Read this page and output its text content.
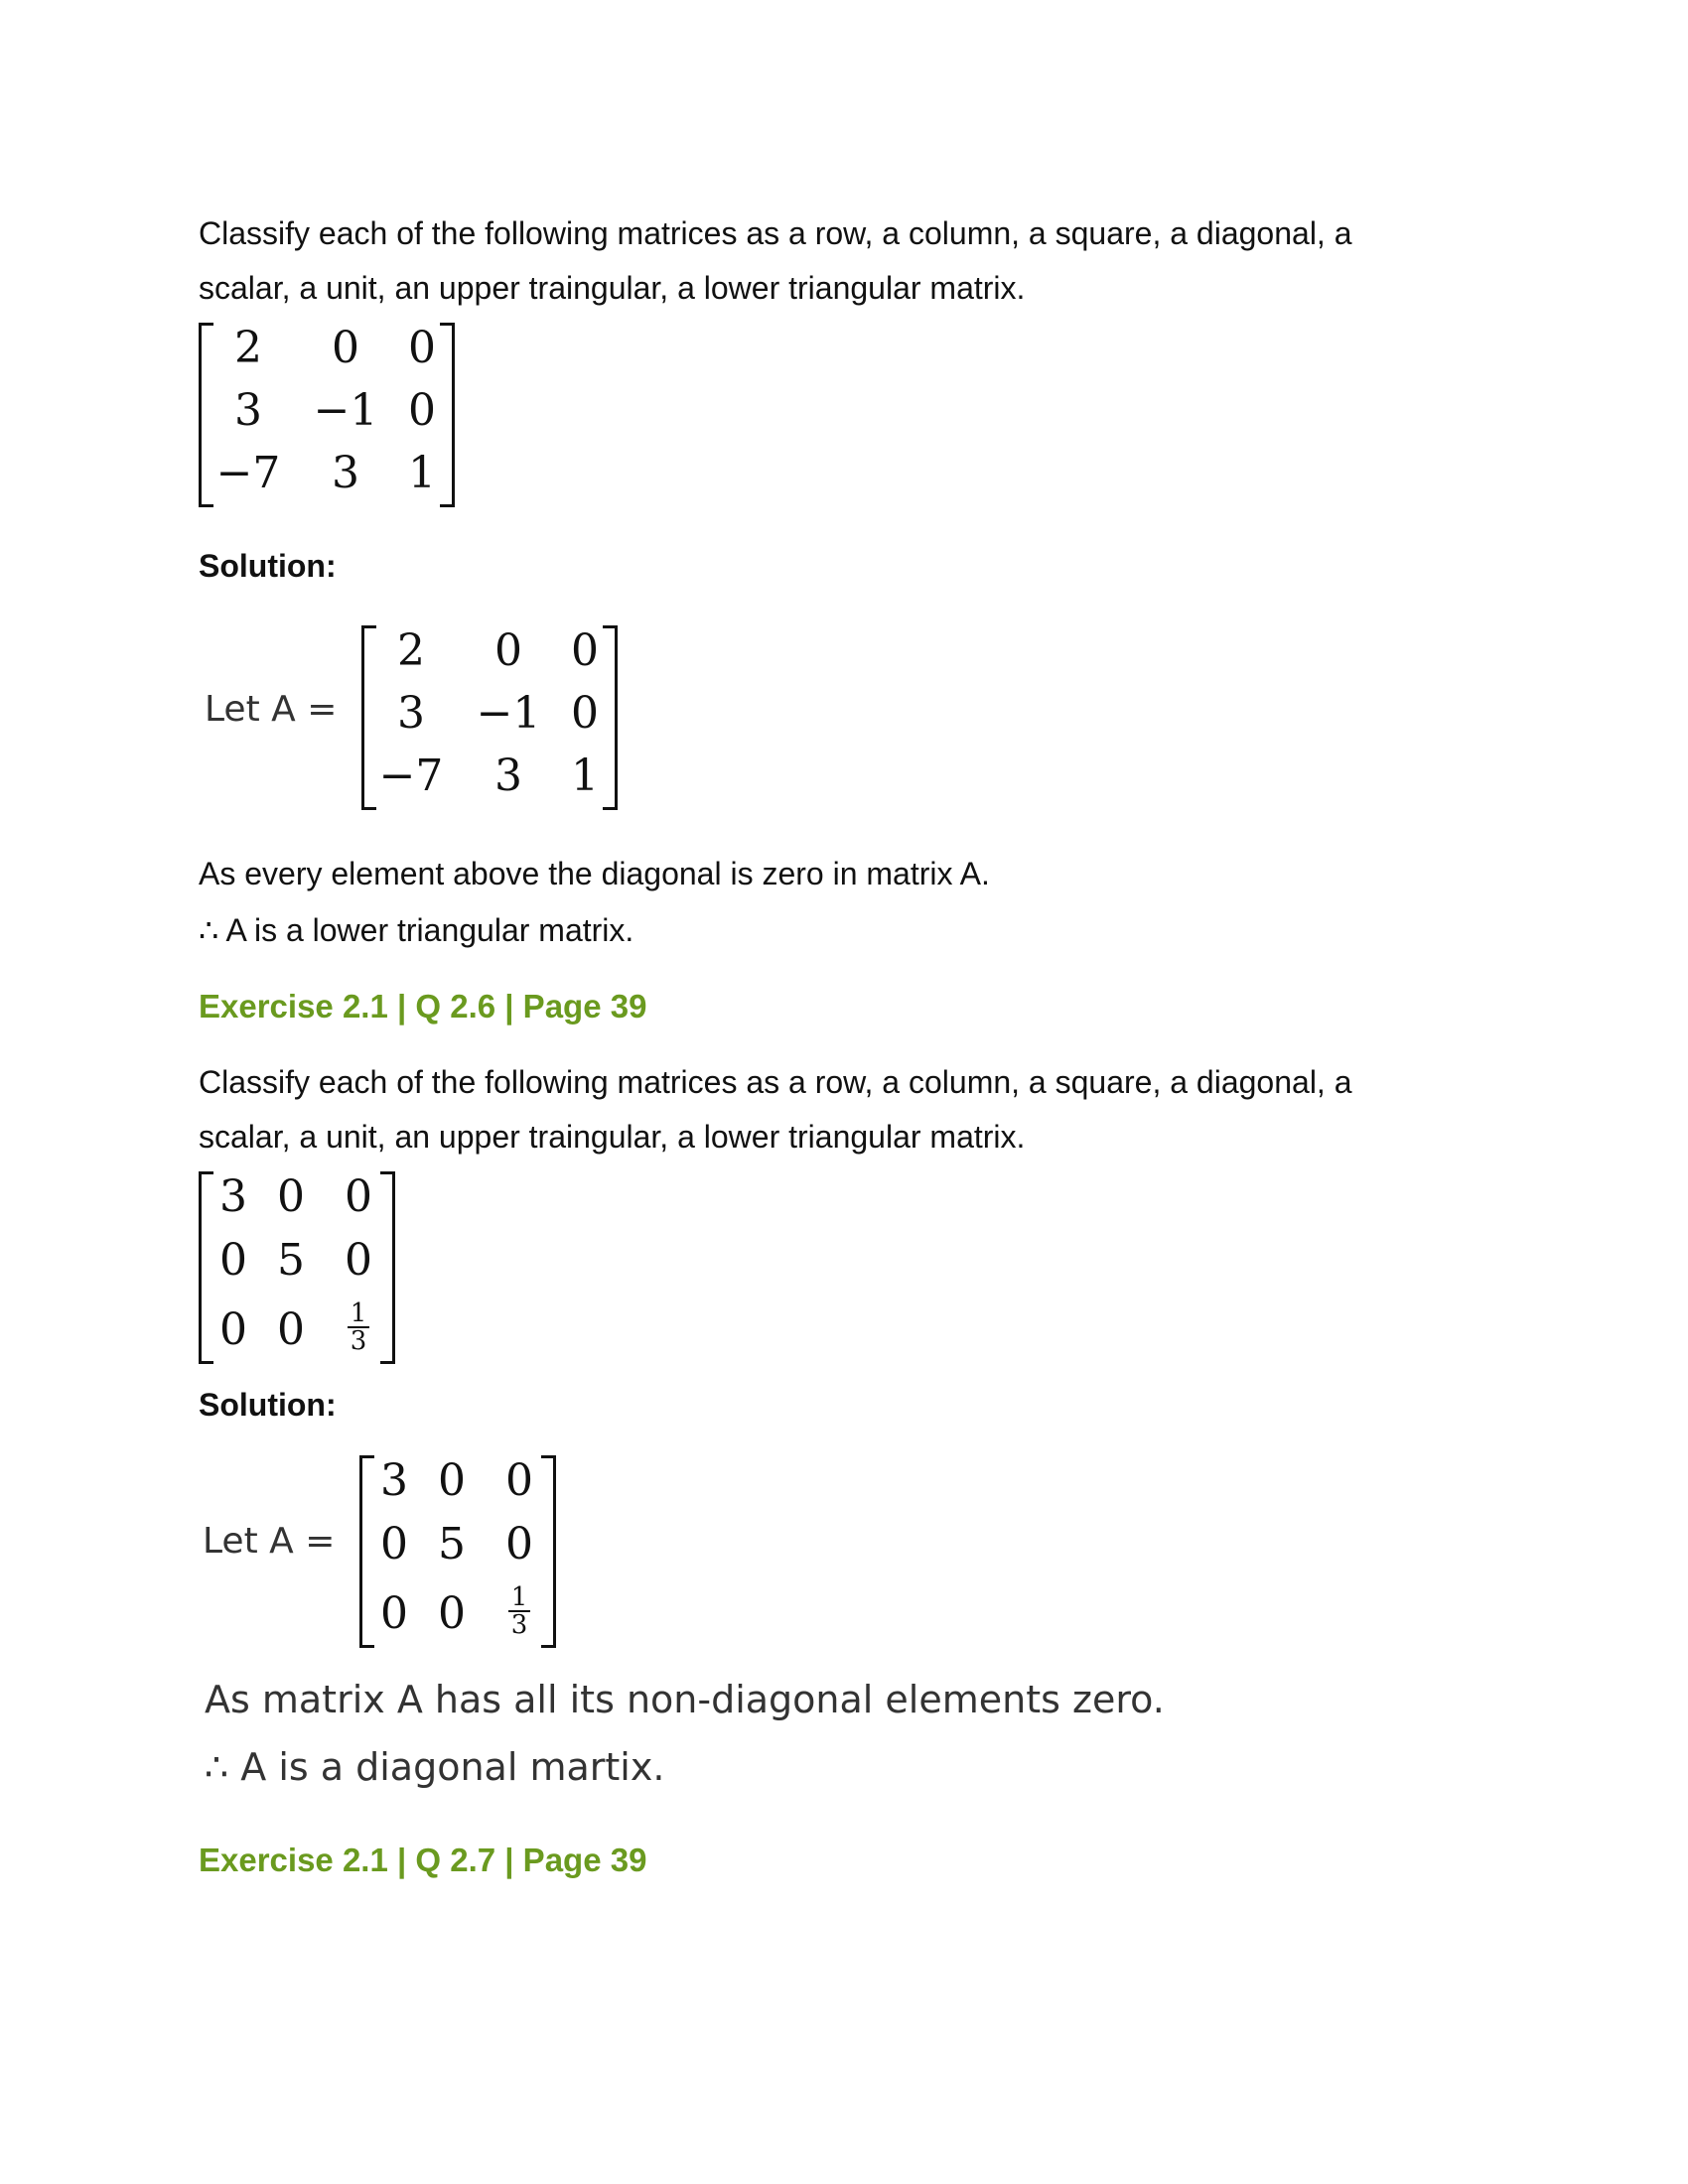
Classify each of the following matrices as a row, a column, a square, a diagonal, a
scalar, a unit, an upper traingular, a lower triangular matrix.

2	0	0
3	−1 0
−7	3	1
Solution:
Let A =
2	0	0
3	−1 0
−7	3	1
As every element above the diagonal is zero in matrix A.
∴ A is a lower triangular matrix.
Exercise 2.1 | Q 2.6 | Page 39

Classify each of the following matrices as a row, a column, a square, a diagonal, a
scalar, a unit, an upper traingular, a lower triangular matrix.

3 0 0
0 5 0
0 0	$\frac{1}{3}$
Solution:
Let A =
3 0 0
0 5 0
0 0	$\frac{1}{3}$
As matrix A has all its non-diagonal elements zero.
∴ A is a diagonal martix.
Exercise 2.1 | Q 2.7 | Page 39
